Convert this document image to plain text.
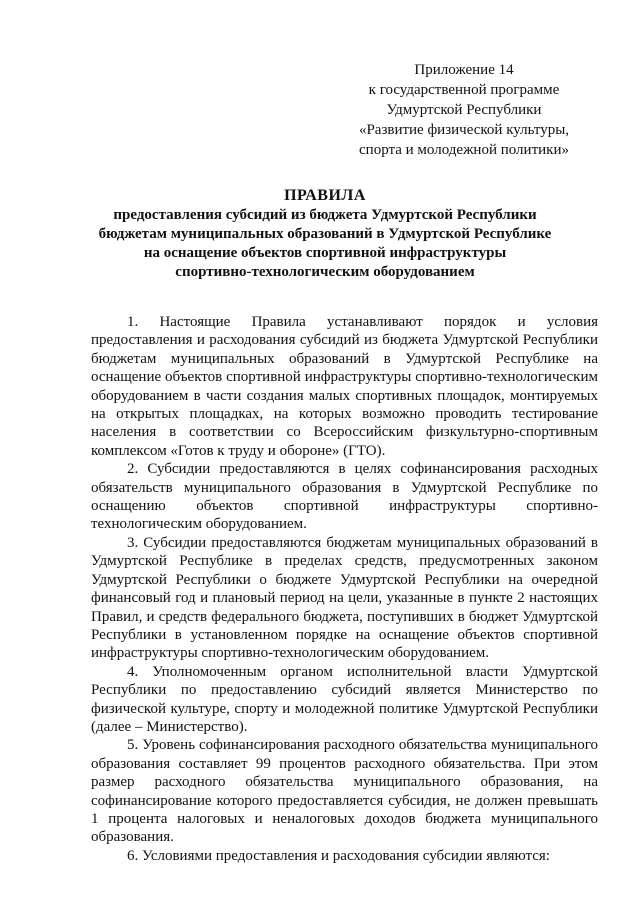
Приложение 14
к государственной программе
Удмуртской Республики
«Развитие физической культуры,
спорта и молодежной политики»
ПРАВИЛА
предоставления субсидий из бюджета Удмуртской Республики
бюджетам муниципальных образований в Удмуртской Республике
на оснащение объектов спортивной инфраструктуры
спортивно-технологическим оборудованием

1. Настоящие Правила устанавливают порядок и условия предоставления и расходования субсидий из бюджета Удмуртской Республики бюджетам муниципальных образований в Удмуртской Республике на оснащение объектов спортивной инфраструктуры спортивно-технологическим оборудованием в части создания малых спортивных площадок, монтируемых на открытых площадках, на которых возможно проводить тестирование населения в соответствии со Всероссийским физкультурно-спортивным комплексом «Готов к труду и обороне» (ГТО).

2. Субсидии предоставляются в целях софинансирования расходных обязательств муниципального образования в Удмуртской Республике по оснащению объектов спортивной инфраструктуры спортивно-технологическим оборудованием.

3. Субсидии предоставляются бюджетам муниципальных образований в Удмуртской Республике в пределах средств, предусмотренных законом Удмуртской Республики о бюджете Удмуртской Республики на очередной финансовый год и плановый период на цели, указанные в пункте 2 настоящих Правил, и средств федерального бюджета, поступивших в бюджет Удмуртской Республики в установленном порядке на оснащение объектов спортивной инфраструктуры спортивно-технологическим оборудованием.

4. Уполномоченным органом исполнительной власти Удмуртской Республики по предоставлению субсидий является Министерство по физической культуре, спорту и молодежной политике Удмуртской Республики (далее – Министерство).

5. Уровень софинансирования расходного обязательства муниципального образования составляет 99 процентов расходного обязательства. При этом размер расходного обязательства муниципального образования, на софинансирование которого предоставляется субсидия, не должен превышать 1 процента налоговых и неналоговых доходов бюджета муниципального образования.

6. Условиями предоставления и расходования субсидии являются:
